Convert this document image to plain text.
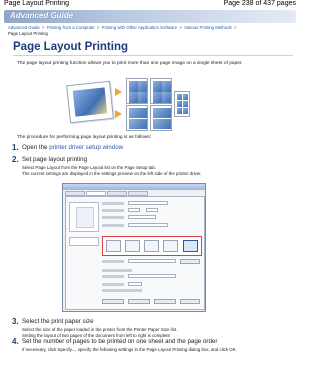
Page Layout Printing	Page 238 of 437 pages
Advanced Guide
Advanced Guide > Printing from a Computer > Printing with Other Application Software > Various Printing Methods >
Page Layout Printing
Page Layout Printing

The page layout printing function allows you to print more than one page image on a single sheet of paper.

The procedure for performing page layout printing is as follows:

1. Open the printer driver setup window
2. Set page layout printing

Select Page Layout from the Page Layout list on the Page Setup tab.
The current settings are displayed in the settings preview on the left side of the printer driver.

3. Select the print paper size

Select the size of the paper loaded in the printer from the Printer Paper Size list.
Setting the layout of two pages of the document from left to right is complete.

4. Set the number of pages to be printed on one sheet and the page order

If necessary, click Specify..., specify the following settings in the Page Layout Printing dialog box, and click OK.
